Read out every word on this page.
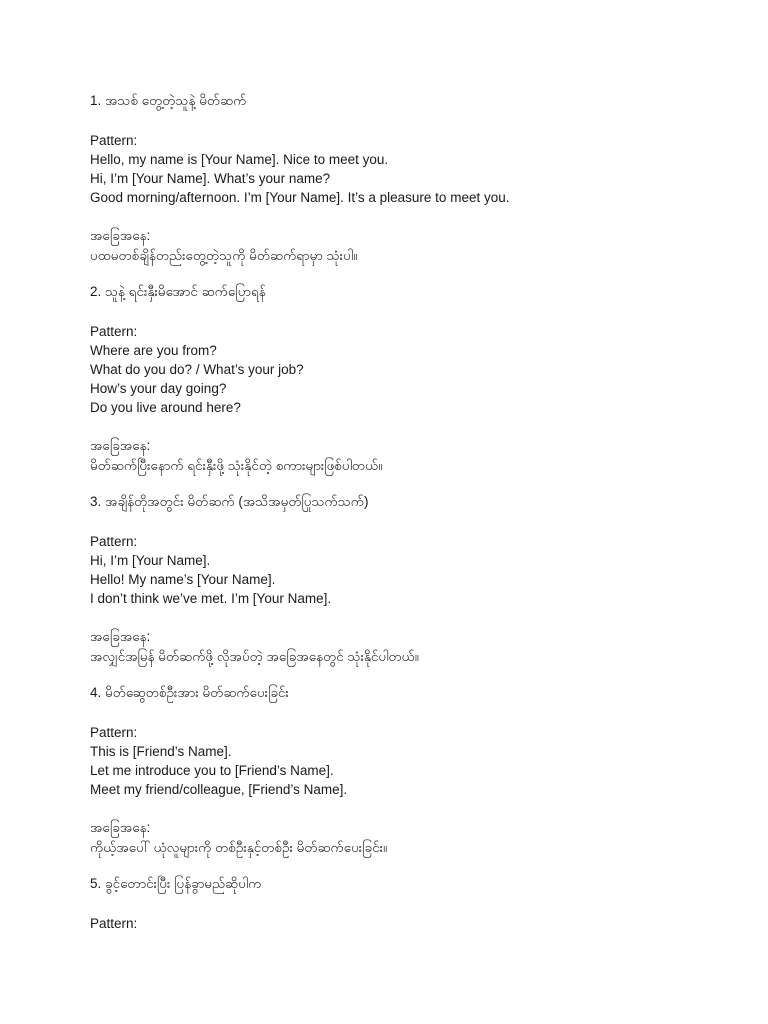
1. အသစ် တွေ့တဲ့သူနဲ့ မိတ်ဆက်
Pattern:
Hello, my name is [Your Name]. Nice to meet you.
Hi, I’m [Your Name]. What’s your name?
Good morning/afternoon. I’m [Your Name]. It’s a pleasure to meet you.
အခြေအနေ:
ပထမတစ်ချိန်တည်းတွေ့တဲ့သူကို မိတ်ဆက်ရာမှာ သုံးပါ။
2. သူနဲ့ ရင်းနှီးမိအောင် ဆက်ပြောရန်
Pattern:
Where are you from?
What do you do? / What’s your job?
How’s your day going?
Do you live around here?
အခြေအနေ:
မိတ်ဆက်ပြီးနောက် ရင်းနှီးဖို့ သုံးနိုင်တဲ့ စကားများဖြစ်ပါတယ်။
3. အချိန်တိုအတွင်း မိတ်ဆက် (အသိအမှတ်ပြုသက်သက်)
Pattern:
Hi, I’m [Your Name].
Hello! My name’s [Your Name].
I don’t think we’ve met. I’m [Your Name].
အခြေအနေ:
အလျှင်အမြန် မိတ်ဆက်ဖို့ လိုအပ်တဲ့ အခြေအနေတွင် သုံးနိုင်ပါတယ်။
4. မိတ်ဆွေတစ်ဦးအား မိတ်ဆက်ပေးခြင်း
Pattern:
This is [Friend’s Name].
Let me introduce you to [Friend’s Name].
Meet my friend/colleague, [Friend’s Name].
အခြေအနေ:
ကိုယ့်အပေါ် ယုံလူများကို တစ်ဦးနှင့်တစ်ဦး မိတ်ဆက်ပေးခြင်း။
5. ခွင့်တောင်းပြီး ပြန်ခွာမည်ဆိုပါက
Pattern:
